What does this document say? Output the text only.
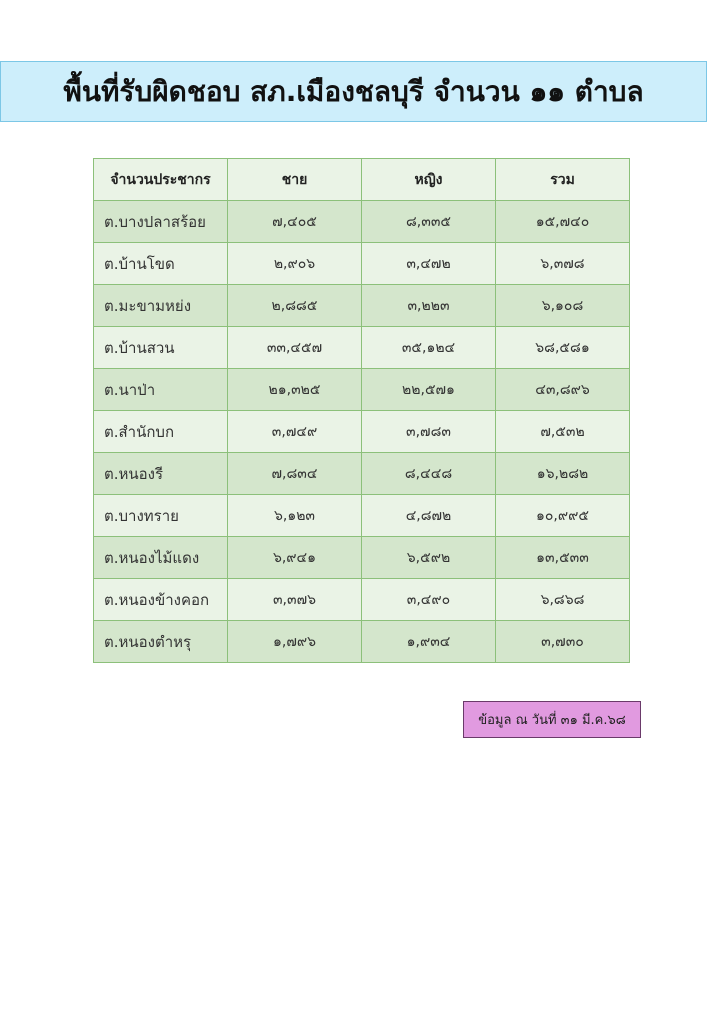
พื้นที่รับผิดชอบ สภ.เมืองชลบุรี จำนวน ๑๑ ตำบล
จำนวนประชากร	ชาย	หญิง	รวม
ต.บางปลาสร้อย	๗,๔๐๕	๘,๓๓๕	๑๕,๗๔๐
ต.บ้านโขด	๒,๙๐๖	๓,๔๗๒	๖,๓๗๘
ต.มะขามหย่ง	๒,๘๘๕	๓,๒๒๓	๖,๑๐๘
ต.บ้านสวน	๓๓,๔๕๗	๓๕,๑๒๔	๖๘,๕๘๑
ต.นาป่า	๒๑,๓๒๕	๒๒,๕๗๑	๔๓,๘๙๖
ต.สำนักบก	๓,๗๔๙	๓,๗๘๓	๗,๕๓๒
ต.หนองรี	๗,๘๓๔	๘,๔๔๘	๑๖,๒๘๒
ต.บางทราย	๖,๑๒๓	๔,๘๗๒	๑๐,๙๙๕
ต.หนองไม้แดง	๖,๙๔๑	๖,๕๙๒	๑๓,๕๓๓
ต.หนองข้างคอก	๓,๓๗๖	๓,๔๙๐	๖,๘๖๘
ต.หนองตำหรุ	๑,๗๙๖	๑,๙๓๔	๓,๗๓๐
ข้อมูล ณ วันที่ ๓๑ มี.ค.๖๘
